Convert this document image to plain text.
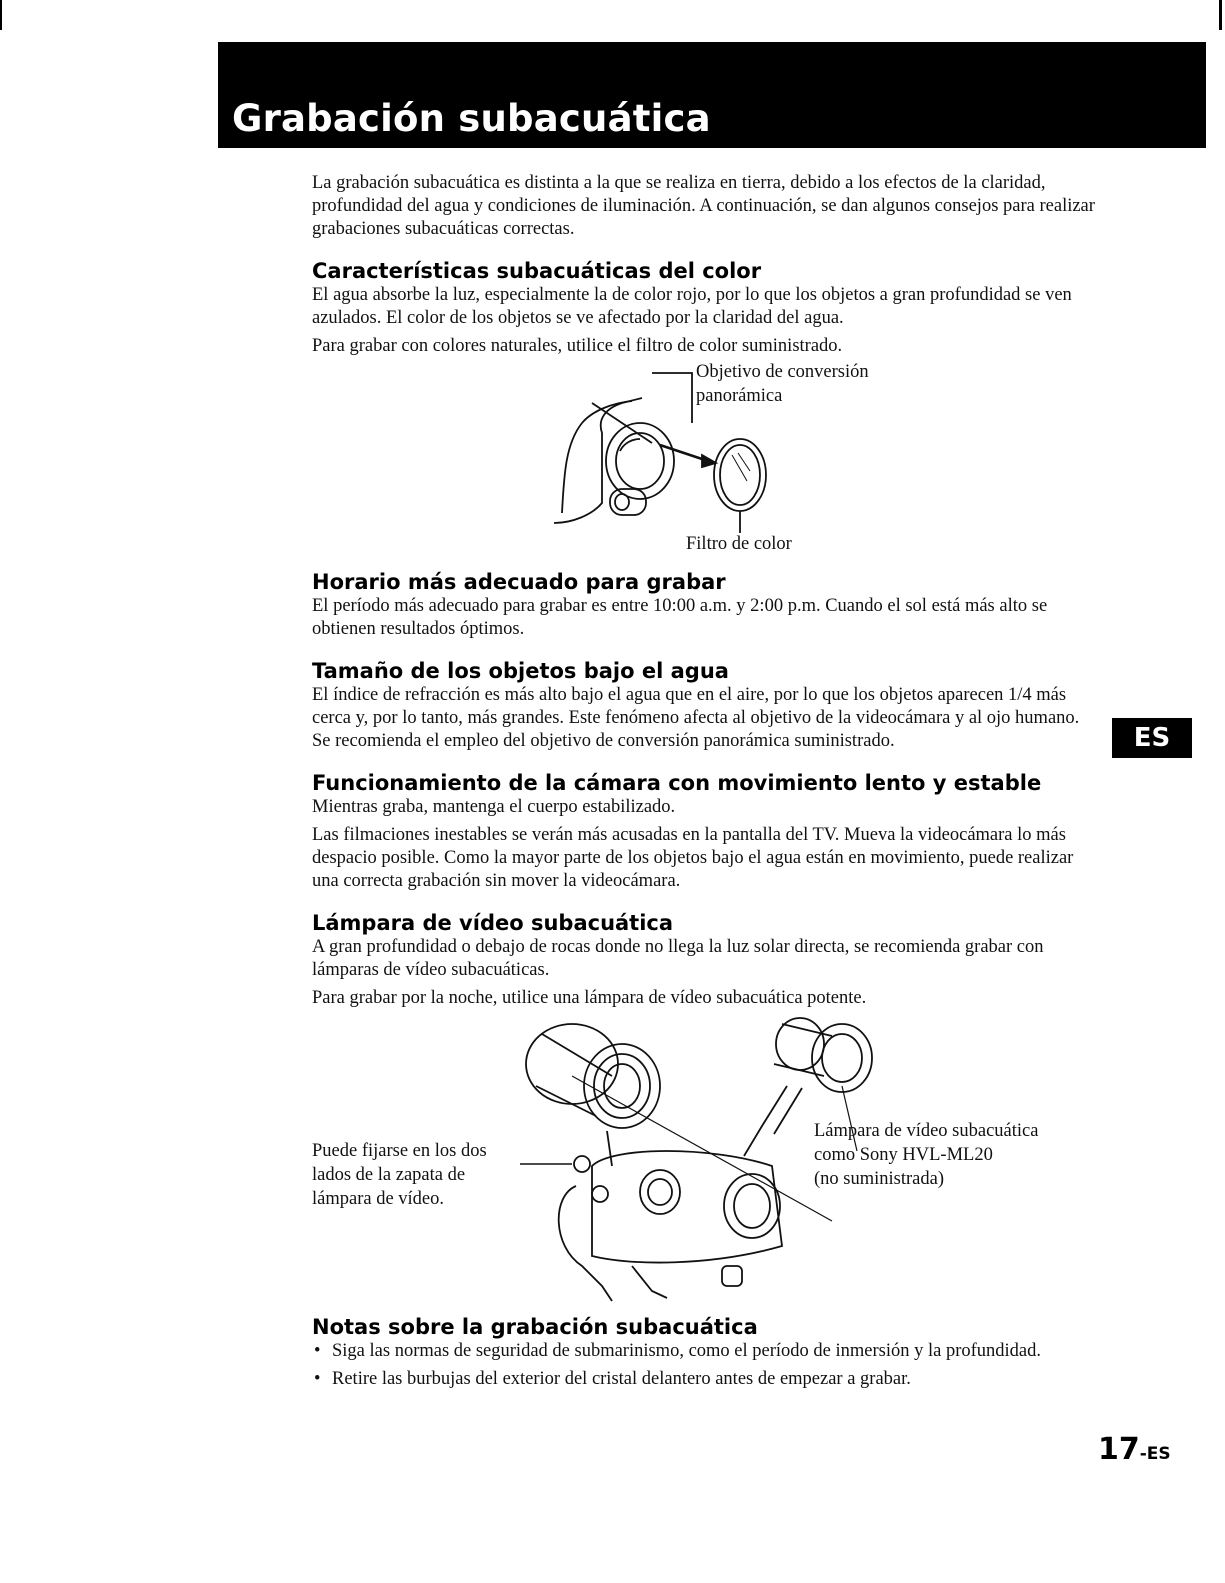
Grabación subacuática
ES

La grabación subacuática es distinta a la que se realiza en tierra, debido a los efectos de la claridad, profundidad del agua y condiciones de iluminación. A continuación, se dan algunos consejos para realizar grabaciones subacuáticas correctas.

Características subacuáticas del color

El agua absorbe la luz, especialmente la de color rojo, por lo que los objetos a gran profundidad se ven azulados. El color de los objetos se ve afectado por la claridad del agua.

Para grabar con colores naturales, utilice el filtro de color suministrado.

Objetivo de conversión

panorámica

Filtro de color

Horario más adecuado para grabar

El período más adecuado para grabar es entre 10:00 a.m. y 2:00 p.m. Cuando el sol está más alto se obtienen resultados óptimos.

Tamaño de los objetos bajo el agua

El índice de refracción es más alto bajo el agua que en el aire, por lo que los objetos aparecen 1/4 más cerca y, por lo tanto, más grandes. Este fenómeno afecta al objetivo de la videocámara y al ojo humano. Se recomienda el empleo del objetivo de conversión panorámica suministrado.

Funcionamiento de la cámara con movimiento lento y estable

Mientras graba, mantenga el cuerpo estabilizado.

Las filmaciones inestables se verán más acusadas en la pantalla del TV. Mueva la videocámara lo más despacio posible. Como la mayor parte de los objetos bajo el agua están en movimiento, puede realizar una correcta grabación sin mover la videocámara.

Lámpara de vídeo subacuática

A gran profundidad o debajo de rocas donde no llega la luz solar directa, se recomienda grabar con lámparas de vídeo subacuáticas.

Para grabar por la noche, utilice una lámpara de vídeo subacuática potente.

Puede fijarse en los dos

lados de la zapata de

lámpara de vídeo.

Lámpara de vídeo subacuática

como Sony HVL-ML20

(no suministrada)

Notas sobre la grabación subacuática
• Siga las normas de seguridad de submarinismo, como el período de inmersión y la profundidad.
• Retire las burbujas del exterior del cristal delantero antes de empezar a grabar.
17-ES
